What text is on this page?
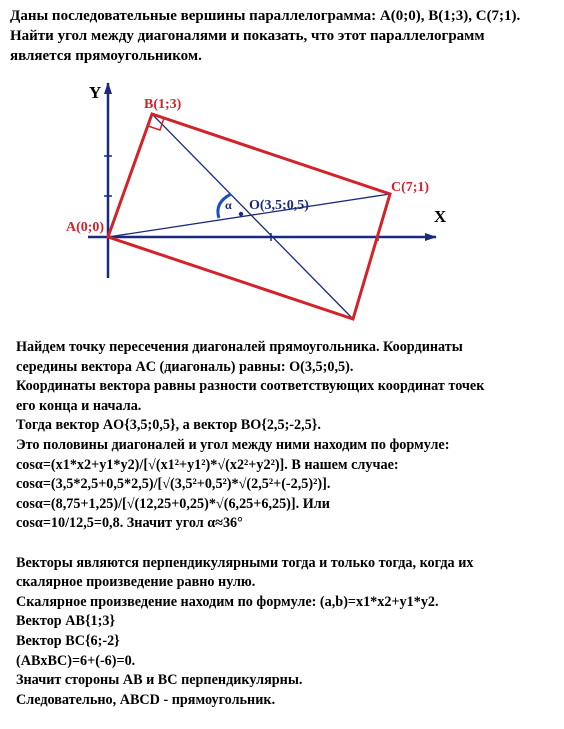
Даны последовательные вершины параллелограмма: A(0;0), B(1;3), C(7;1).

Найти угол между диагоналями и показать, что этот параллелограмм

является прямоугольником.

Y
X
A(0;0)
B(1;3)
C(7;1)
O(3,5;0,5)
α

Найдем точку пересечения диагоналей прямоугольника. Координаты

середины вектора AC (диагональ) равны: O(3,5;0,5).

Координаты вектора равны разности соответствующих координат точек

его конца и начала.

Тогда вектор AO{3,5;0,5}, а вектор BO{2,5;-2,5}.

Это половины диагоналей и угол между ними находим по формуле:

cosα=(x1*x2+y1*y2)/[√(x1²+y1²)*√(x2²+y2²)]. В нашем случае:

cosα=(3,5*2,5+0,5*2,5)/[√(3,5²+0,5²)*√(2,5²+(-2,5)²)].

cosα=(8,75+1,25)/[√(12,25+0,25)*√(6,25+6,25)]. Или

cosα=10/12,5=0,8. Значит угол α≈36°

Векторы являются перпендикулярными тогда и только тогда, когда их

скалярное произведение равно нулю.

Скалярное произведение находим по формуле: (a,b)=x1*x2+y1*y2.

Вектор AB{1;3}

Вектор BC{6;-2}

(ABxBC)=6+(-6)=0.

Значит стороны AB и BC перпендикулярны.

Следовательно, ABCD - прямоугольник.
